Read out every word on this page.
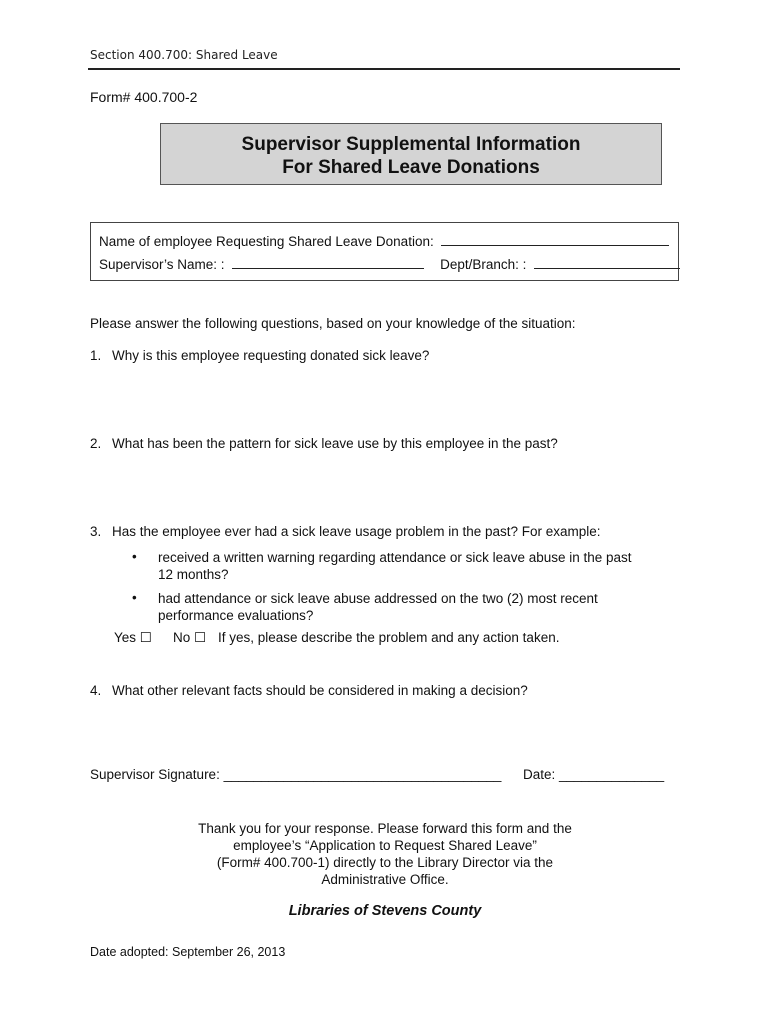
Section 400.700: Shared Leave
Form# 400.700-2
Supervisor Supplemental Information
For Shared Leave Donations
Name of employee Requesting Shared Leave Donation:
Supervisor’s Name: :	Dept/Branch: :
Please answer the following questions, based on your knowledge of the situation:
1. Why is this employee requesting donated sick leave?
2. What has been the pattern for sick leave use by this employee in the past?
3. Has the employee ever had a sick leave usage problem in the past? For example:
• received a written warning regarding attendance or sick leave abuse in the past
12 months?
• had attendance or sick leave abuse addressed on the two (2) most recent
performance evaluations?
Yes ☐ No ☐ If yes, please describe the problem and any action taken.
4. What other relevant facts should be considered in making a decision?
Supervisor Signature: _____________________________________ Date: ______________
Thank you for your response. Please forward this form and the
employee’s “Application to Request Shared Leave”
(Form# 400.700-1) directly to the Library Director via the
Administrative Office.
Libraries of Stevens County
Date adopted: September 26, 2013
